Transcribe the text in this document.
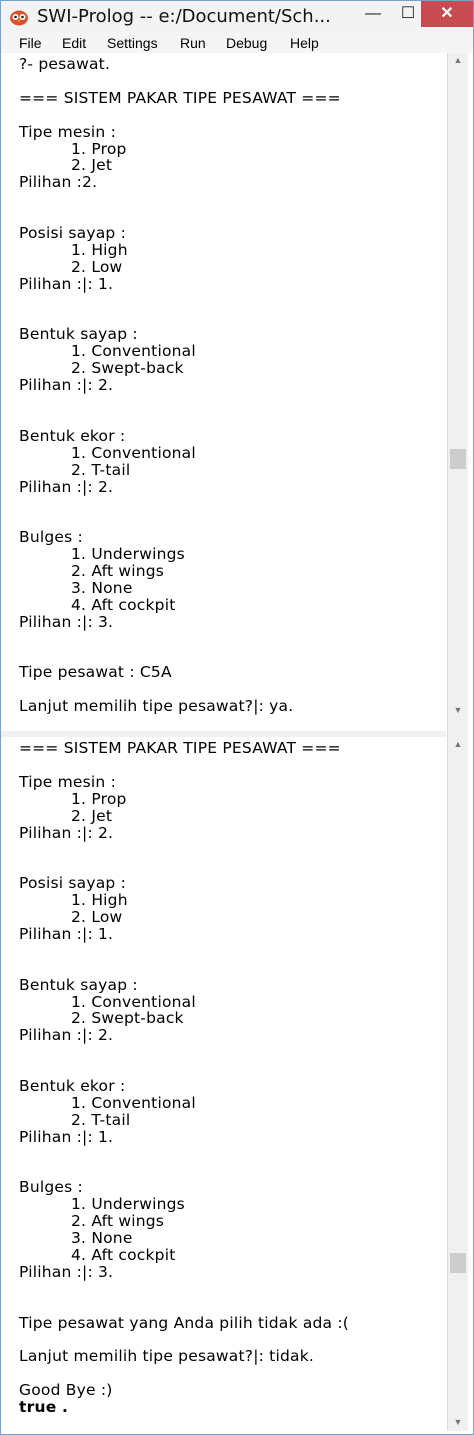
SWI-Prolog -- e:/Document/Sch...	—	☐	✕
File Edit Settings Run Debug Help
?- pesawat.
=== SISTEM PAKAR TIPE PESAWAT ===
Tipe mesin :
1. Prop
2. Jet
Pilihan :2.
Posisi sayap :
1. High
2. Low
Pilihan :|: 1.
Bentuk sayap :
1. Conventional
2. Swept-back
Pilihan :|: 2.
Bentuk ekor :
1. Conventional
2. T-tail
Pilihan :|: 2.
Bulges :
1. Underwings
2. Aft wings
3. None
4. Aft cockpit
Pilihan :|: 3.
Tipe pesawat : C5A
Lanjut memilih tipe pesawat?|: ya.
=== SISTEM PAKAR TIPE PESAWAT ===
Tipe mesin :
1. Prop
2. Jet
Pilihan :|: 2.
Posisi sayap :
1. High
2. Low
Pilihan :|: 1.
Bentuk sayap :
1. Conventional
2. Swept-back
Pilihan :|: 2.
Bentuk ekor :
1. Conventional
2. T-tail
Pilihan :|: 1.
Bulges :
1. Underwings
2. Aft wings
3. None
4. Aft cockpit
Pilihan :|: 3.
Tipe pesawat yang Anda pilih tidak ada :(
Lanjut memilih tipe pesawat?|: tidak.
Good Bye :)
true .
▲
▼
▲
▼
